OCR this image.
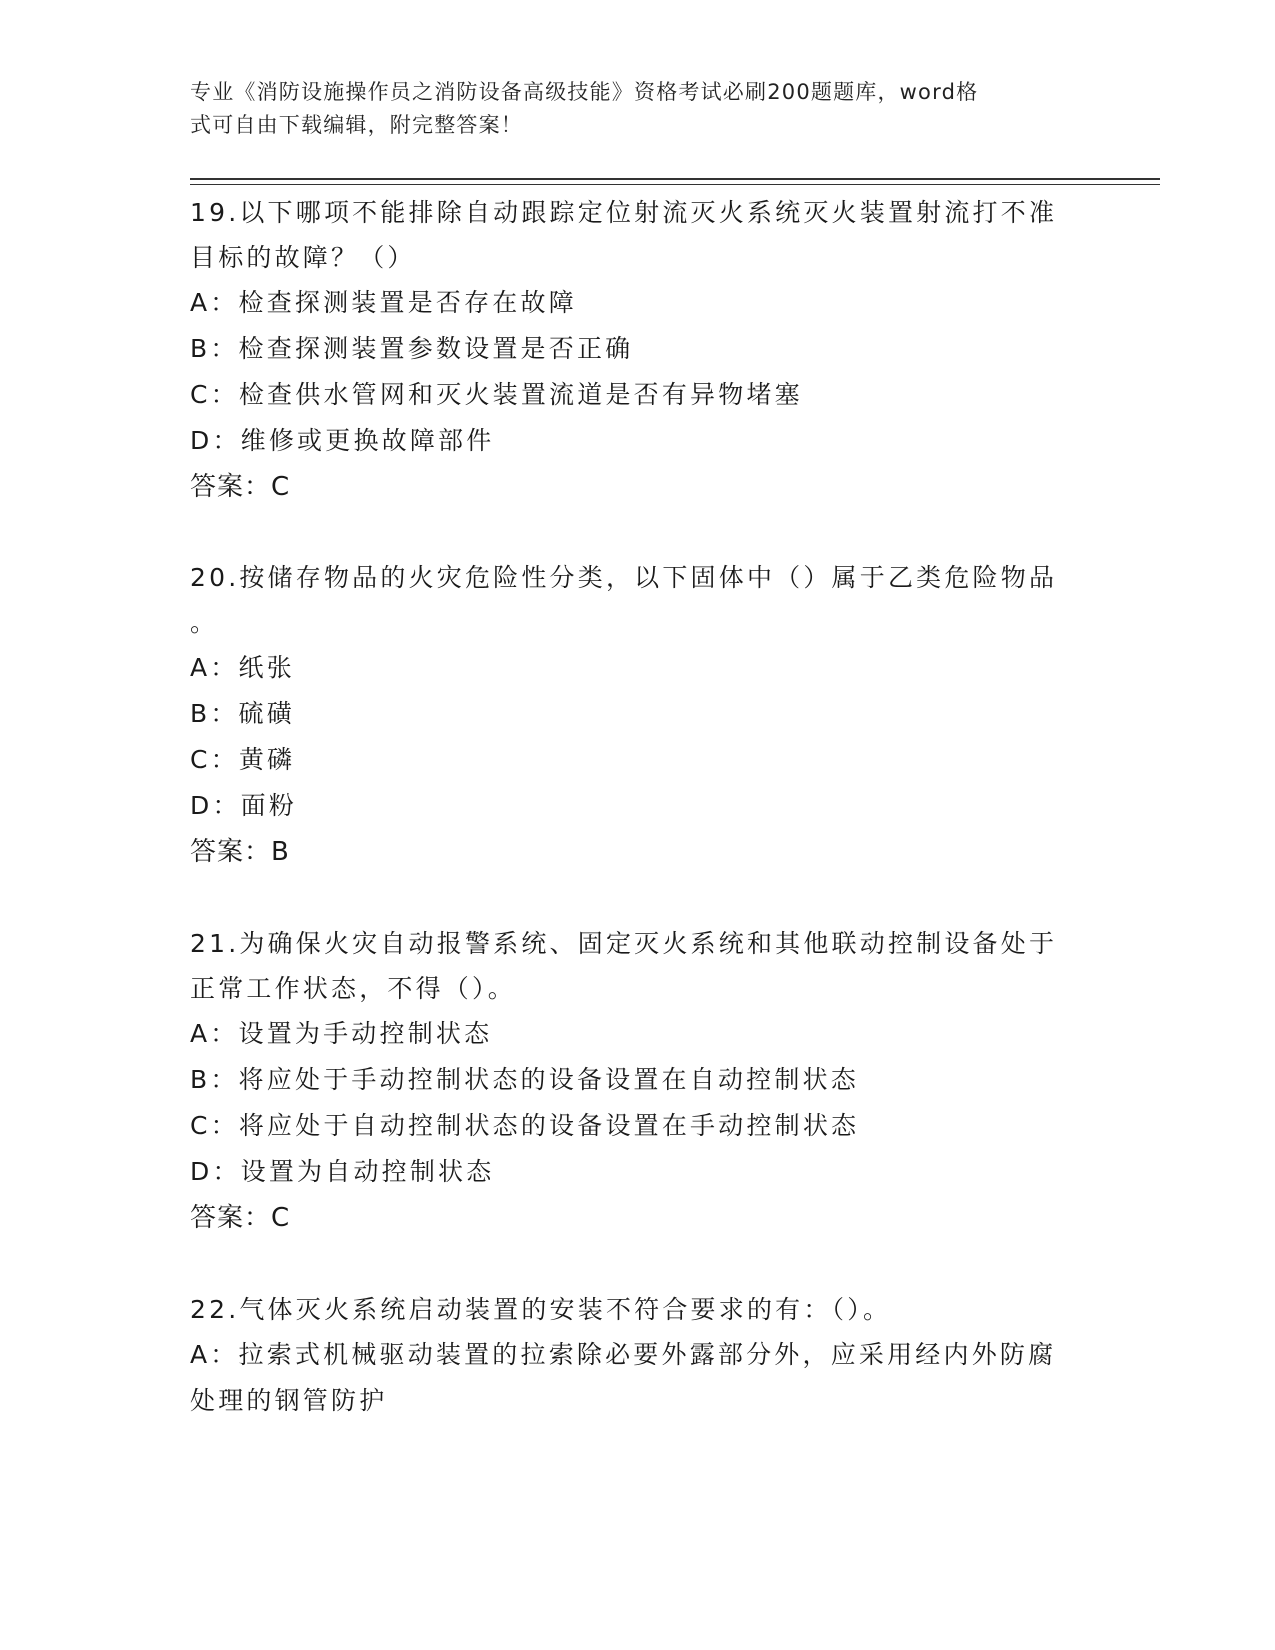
专业《消防设施操作员之消防设备高级技能》资格考试必刷200题题库，word格
式可自由下载编辑，附完整答案！

19.以下哪项不能排除自动跟踪定位射流灭火系统灭火装置射流打不准

目标的故障？（）

A：检查探测装置是否存在故障

B：检查探测装置参数设置是否正确

C：检查供水管网和灭火装置流道是否有异物堵塞

D：维修或更换故障部件

答案：C

20.按储存物品的火灾危险性分类，以下固体中（）属于乙类危险物品

。

A：纸张

B：硫磺

C：黄磷

D：面粉

答案：B

21.为确保火灾自动报警系统、固定灭火系统和其他联动控制设备处于

正常工作状态，不得（）。

A：设置为手动控制状态

B：将应处于手动控制状态的设备设置在自动控制状态

C：将应处于自动控制状态的设备设置在手动控制状态

D：设置为自动控制状态

答案：C

22.气体灭火系统启动装置的安装不符合要求的有：（）。

A：拉索式机械驱动装置的拉索除必要外露部分外，应采用经内外防腐

处理的钢管防护
